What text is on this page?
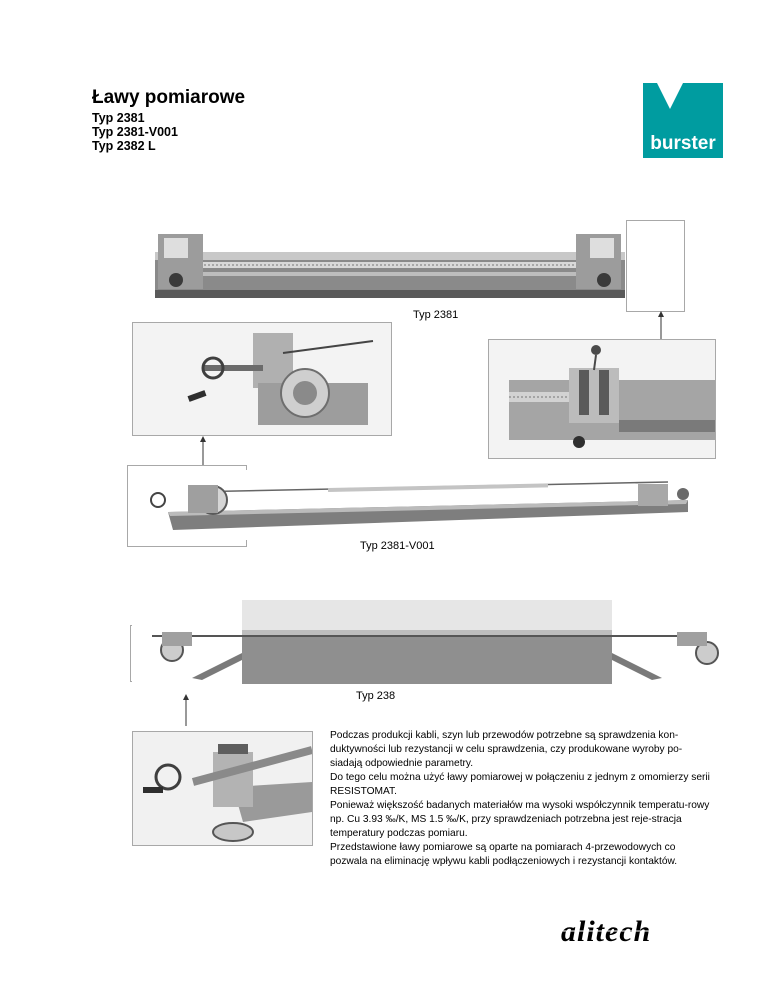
Ławy pomiarowe

Typ 2381

Typ 2381-V001

Typ 2382 L	burster

Typ 2381

Typ 2381-V001

Typ 238

Podczas produkcji kabli, szyn lub przewodów potrzebne są sprawdzenia kon-duktywności lub rezystancji w celu sprawdzenia, czy produkowane wyroby po-siadają odpowiednie parametry.

Do tego celu można użyć ławy pomiarowej w połączeniu z jednym z omomierzy serii RESISTOMAT.

Ponieważ większość badanych materiałów ma wysoki współczynnik temperatu-rowy np. Cu 3.93 ‰/K, MS 1.5 ‰/K, przy sprawdzeniach potrzebna jest reje-stracja temperatury podczas pomiaru.

Przedstawione ławy pomiarowe są oparte na pomiarach 4-przewodowych co pozwala na eliminację wpływu kabli podłączeniowych i rezystancji kontaktów.

alitech
